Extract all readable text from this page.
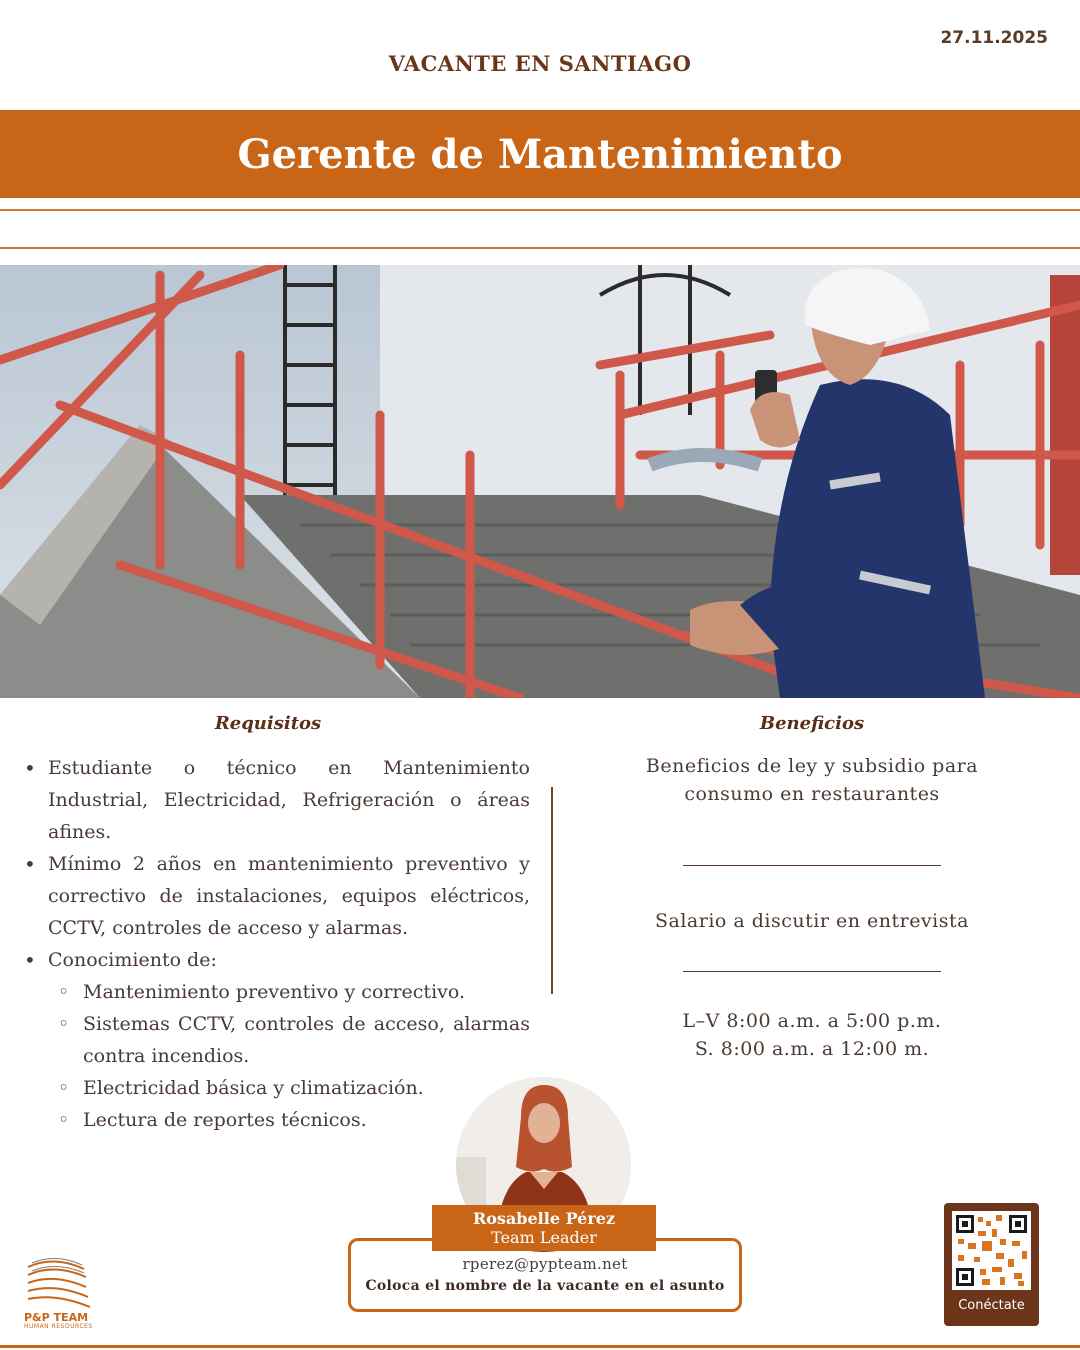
27.11.2025
VACANTE EN SANTIAGO
Gerente de Mantenimiento
Requisitos	Beneficios
• Estudiante o técnico en Mantenimiento Industrial, Electricidad, Refrigeración o áreas afines.
• Mínimo 2 años en mantenimiento preventivo y correctivo de instalaciones, equipos eléctricos, CCTV, controles de acceso y alarmas.
• Conocimiento de:
◦ Mantenimiento preventivo y correctivo.
◦ Sistemas CCTV, controles de acceso, alarmas contra incendios.
◦ Electricidad básica y climatización.
◦ Lectura de reportes técnicos.
Beneficios de ley y subsidio para consumo en restaurantes
Salario a discutir en entrevista
L–V 8:00 a.m. a 5:00 p.m.
S. 8:00 a.m. a 12:00 m.
Rosabelle Pérez
Team Leader
rperez@pypteam.net
Coloca el nombre de la vacante en el asunto
P&P TEAM
HUMAN RESOURCES
Conéctate
